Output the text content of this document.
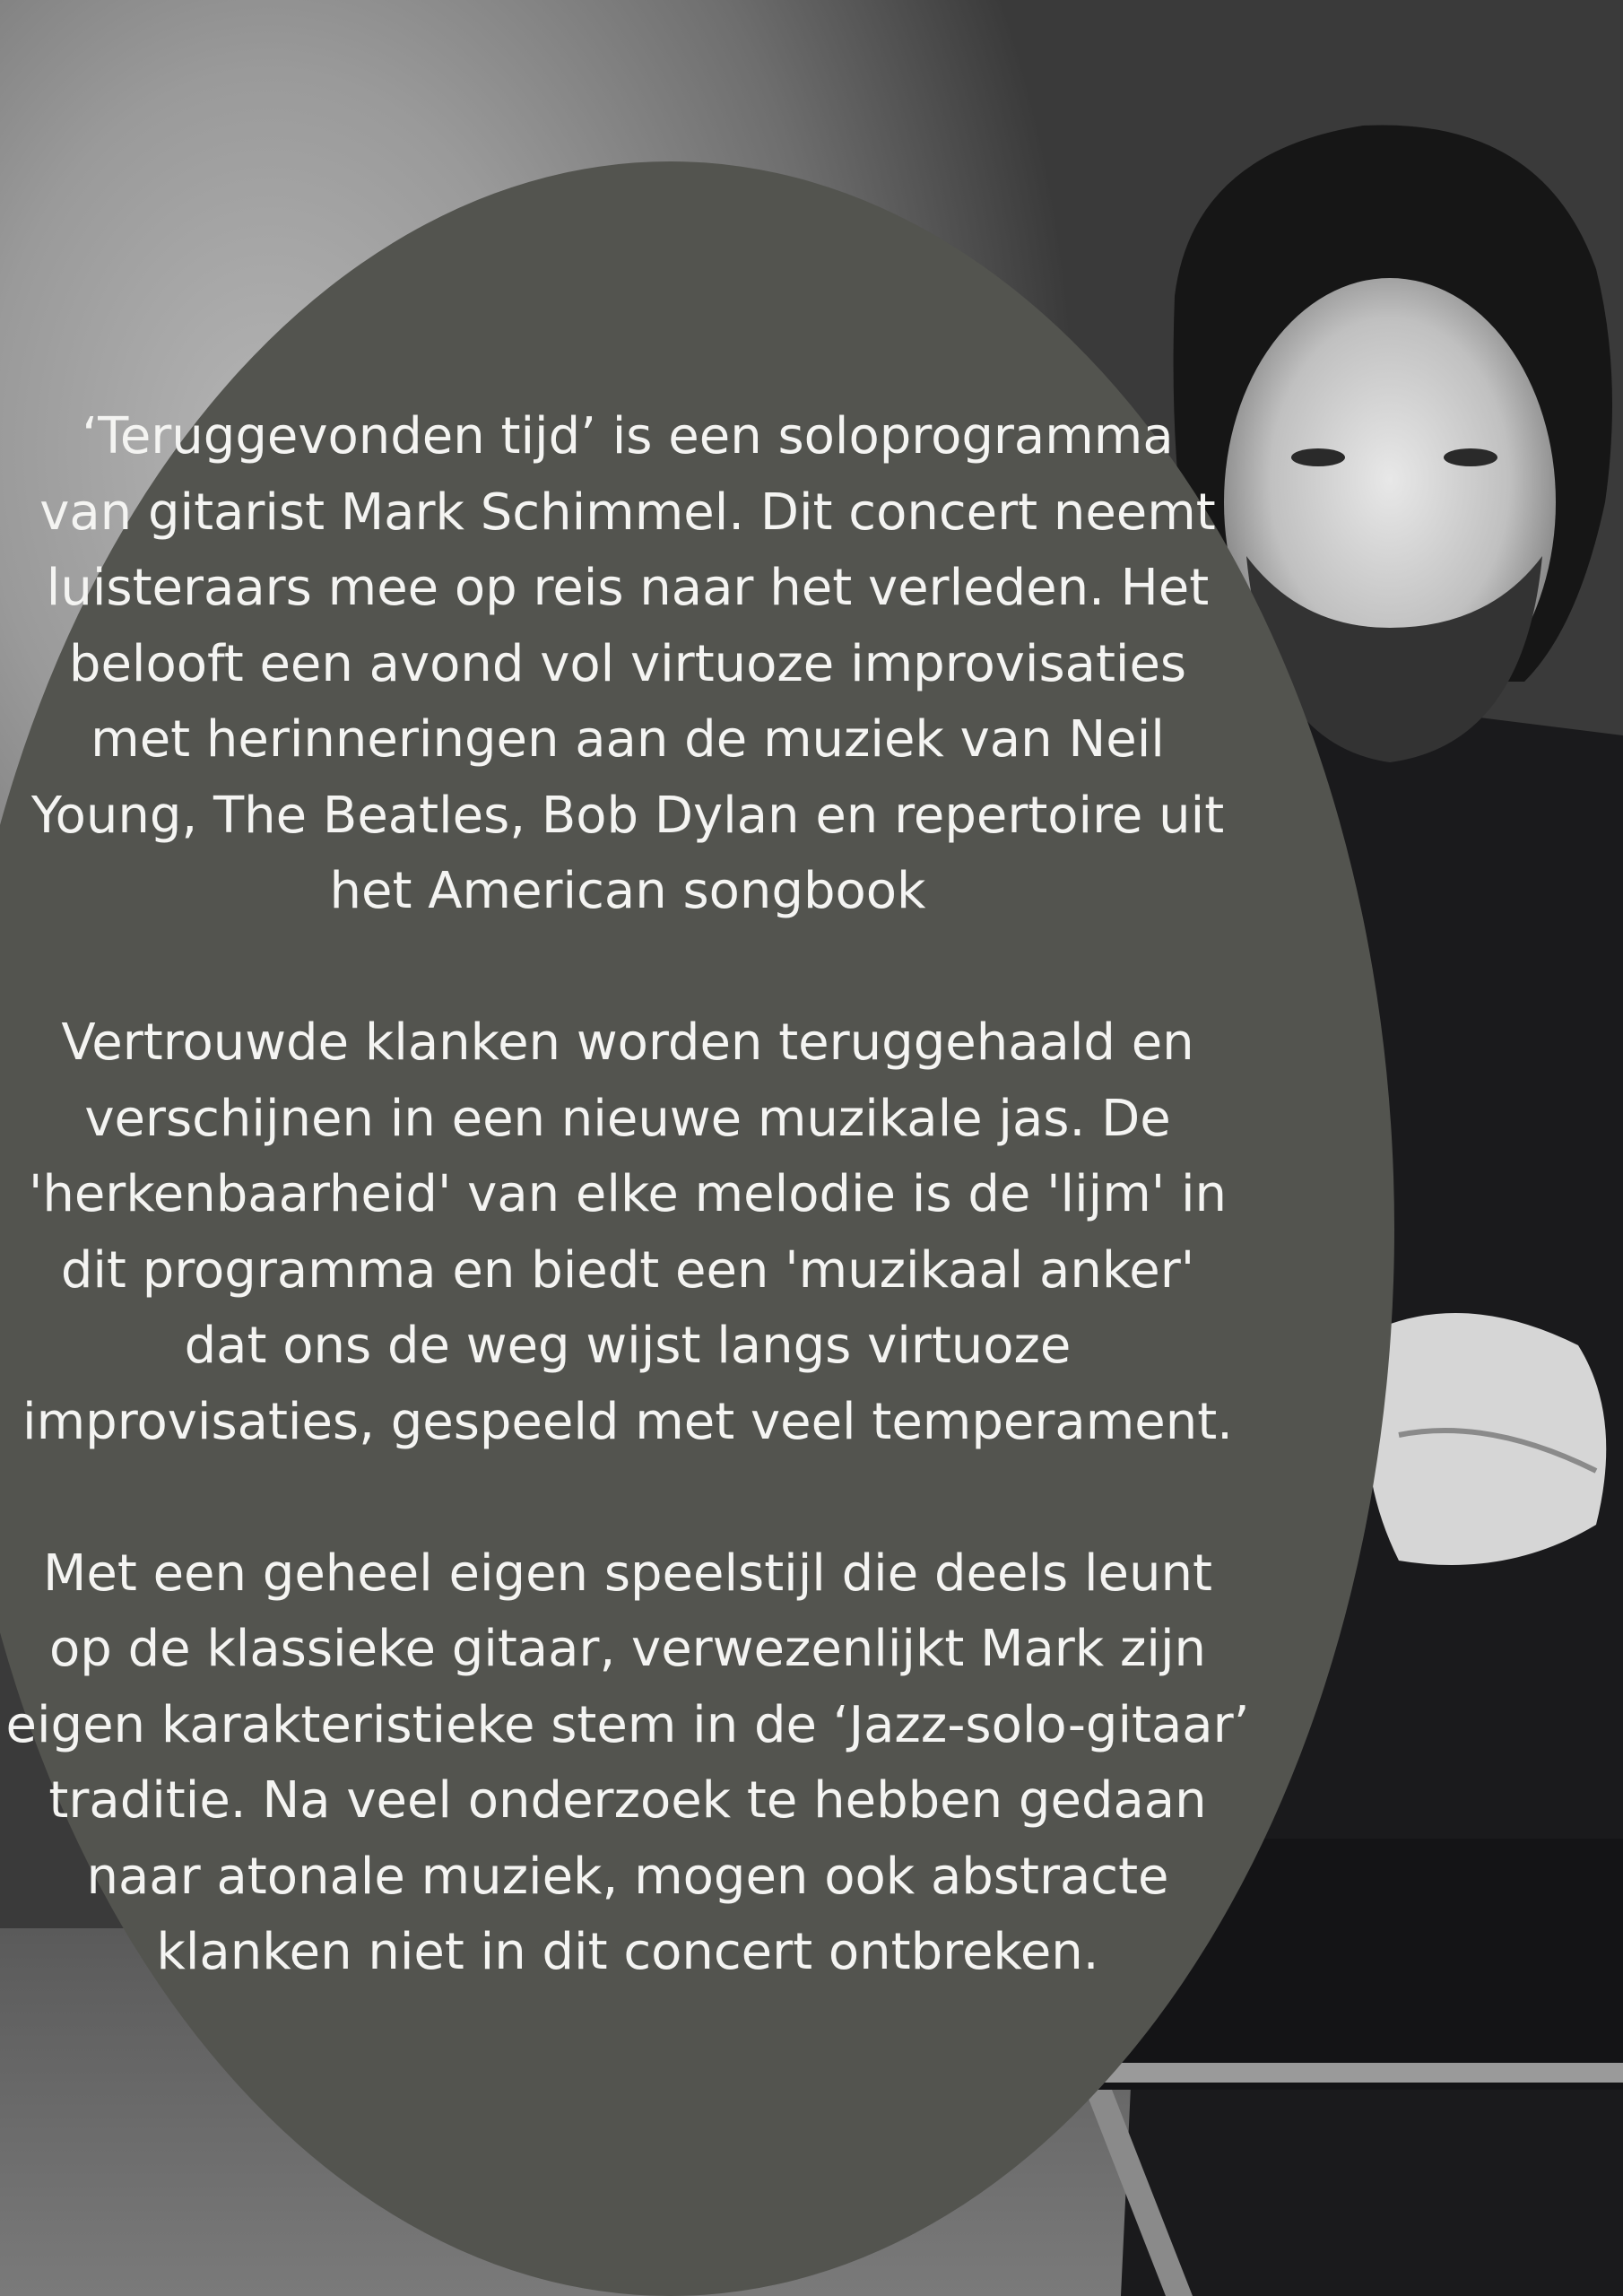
‘Teruggevonden tijd’ is een soloprogramma
van gitarist Mark Schimmel. Dit concert neemt
luisteraars mee op reis naar het verleden. Het
belooft een avond vol virtuoze improvisaties
met herinneringen aan de muziek van Neil
Young, The Beatles, Bob Dylan en repertoire uit
het American songbook

Vertrouwde klanken worden teruggehaald en
verschijnen in een nieuwe muzikale jas. De
'herkenbaarheid' van elke melodie is de 'lijm' in
dit programma en biedt een 'muzikaal anker'
dat ons de weg wijst langs virtuoze
improvisaties, gespeeld met veel temperament.

Met een geheel eigen speelstijl die deels leunt
op de klassieke gitaar, verwezenlijkt Mark zijn
eigen karakteristieke stem in de ‘Jazz-solo-gitaar’
traditie. Na veel onderzoek te hebben gedaan
naar atonale muziek, mogen ook abstracte
klanken niet in dit concert ontbreken.
